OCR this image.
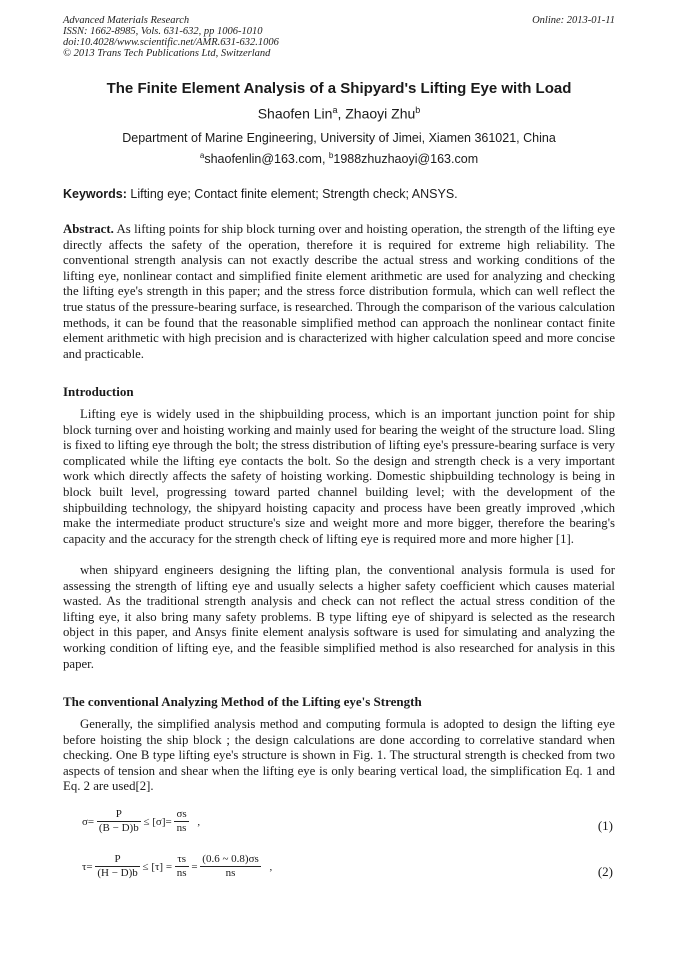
Advanced Materials Research
ISSN: 1662-8985, Vols. 631-632, pp 1006-1010
doi:10.4028/www.scientific.net/AMR.631-632.1006
© 2013 Trans Tech Publications Ltd, Switzerland
Online: 2013-01-11
The Finite Element Analysis of a Shipyard's Lifting Eye with Load
Shaofen Lin$^a$, Zhaoyi Zhu$^b$
Department of Marine Engineering, University of Jimei, Xiamen 361021, China
$^a$shaofenlin@163.com, $^b$1988zhuzhaoyi@163.com
Keywords: Lifting eye; Contact finite element; Strength check; ANSYS.
Abstract. As lifting points for ship block turning over and hoisting operation, the strength of the lifting eye directly affects the safety of the operation, therefore it is required for extreme high reliability. The conventional strength analysis can not exactly describe the actual stress and working conditions of the lifting eye, nonlinear contact and simplified finite element arithmetic are used for analyzing and checking the lifting eye's strength in this paper; and the stress force distribution formula, which can well reflect the true status of the pressure-bearing surface, is researched. Through the comparison of the various calculation methods, it can be found that the reasonable simplified method can approach the nonlinear contact finite element arithmetic with high precision and is characterized with higher calculation speed and more concise and practicable.
Introduction
Lifting eye is widely used in the shipbuilding process, which is an important junction point for ship block turning over and hoisting working and mainly used for bearing the weight of the structure load. Sling is fixed to lifting eye through the bolt; the stress distribution of lifting eye's pressure-bearing surface is very complicated while the lifting eye contacts the bolt. So the design and strength check is a very important work which directly affects the safety of hoisting working. Domestic shipbuilding technology is being in block built level, progressing toward parted channel building level; with the development of the shipbuilding technology, the shipyard hoisting capacity and process have been greatly improved ,which make the intermediate product structure's size and weight more and more bigger, therefore the bearing's capacity and the accuracy for the strength check of lifting eye is required more and more higher [1].
when shipyard engineers designing the lifting plan, the conventional analysis formula is used for assessing the strength of lifting eye and usually selects a higher safety coefficient which causes material wasted. As the traditional strength analysis and check can not reflect the actual stress condition of the lifting eye, it also bring many safety problems. B type lifting eye of shipyard is selected as the research object in this paper, and Ansys finite element analysis software is used for simulating and analyzing the working condition of lifting eye, and the feasible simplified method is also researched for analysis in this paper.
The conventional Analyzing Method of the Lifting eye's Strength
Generally, the simplified analysis method and computing formula is adopted to design the lifting eye before hoisting the ship block ; the design calculations are done according to correlative standard when checking. One B type lifting eye's structure is shown in Fig. 1. The structural strength is checked from two aspects of tension and shear when the lifting eye is only bearing vertical load, the simplification Eq. 1 and Eq. 2 are used[2].
$\sigma= \frac{P}{(B - D)b} \le [\sigma]= \frac{\sigma s}{ns}$ ,	(1)
$\tau= \frac{P}{(H - D)b} \le [\tau] = \frac{\tau s}{ns} = \frac{(0.6 \sim 0.8)\sigma s}{ns}$ ,	(2)
